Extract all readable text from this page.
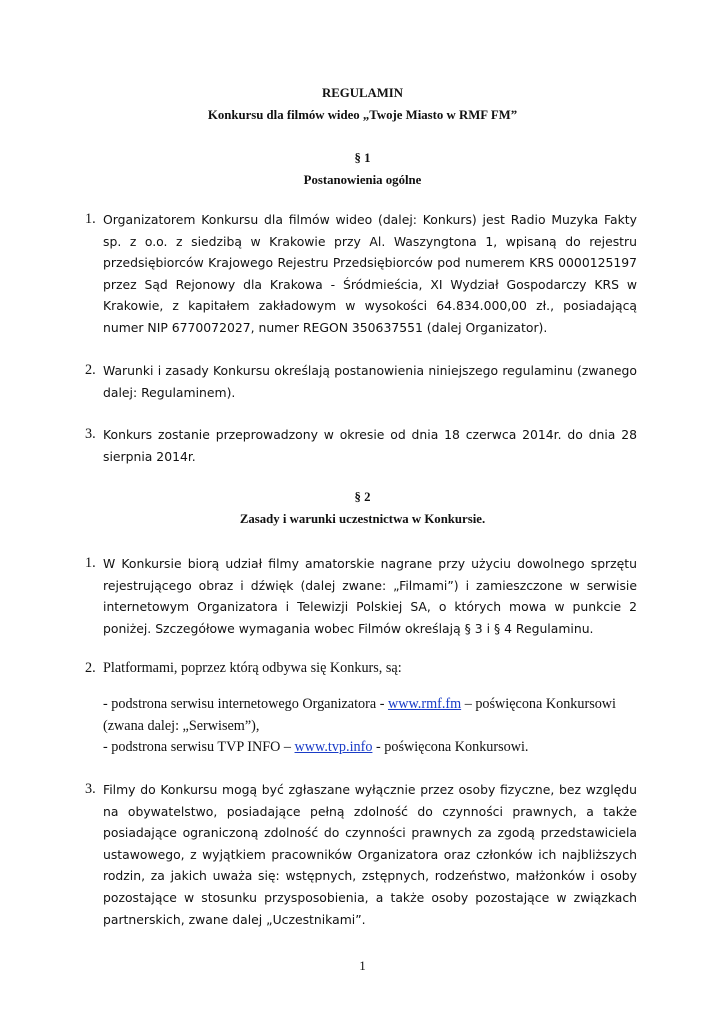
REGULAMIN
Konkursu dla filmów wideo „Twoje Miasto w RMF FM”
§ 1
Postanowienia ogólne
1. Organizatorem Konkursu dla filmów wideo (dalej: Konkurs) jest Radio Muzyka Fakty sp. z o.o. z siedzibą w Krakowie przy Al. Waszyngtona 1, wpisaną do rejestru przedsiębiorców Krajowego Rejestru Przedsiębiorców pod numerem KRS 0000125197 przez Sąd Rejonowy dla Krakowa - Śródmieścia, XI Wydział Gospodarczy KRS w Krakowie, z kapitałem zakładowym w wysokości 64.834.000,00 zł., posiadającą numer NIP 6770072027, numer REGON 350637551 (dalej Organizator).
2. Warunki i zasady Konkursu określają postanowienia niniejszego regulaminu (zwanego dalej: Regulaminem).
3. Konkurs zostanie przeprowadzony w okresie od dnia 18 czerwca 2014r. do dnia 28 sierpnia 2014r.
§ 2
Zasady i warunki uczestnictwa w Konkursie.
1. W Konkursie biorą udział filmy amatorskie nagrane przy użyciu dowolnego sprzętu rejestrującego obraz i dźwięk (dalej zwane: „Filmami”) i zamieszczone w serwisie internetowym Organizatora i Telewizji Polskiej SA, o których mowa w punkcie 2 poniżej. Szczegółowe wymagania wobec Filmów określają § 3 i § 4 Regulaminu.
2. Platformami, poprzez którą odbywa się Konkurs, są:
- podstrona serwisu internetowego Organizatora - www.rmf.fm – poświęcona Konkursowi (zwana dalej: „Serwisem”),
- podstrona serwisu TVP INFO – www.tvp.info - poświęcona Konkursowi.
3. Filmy do Konkursu mogą być zgłaszane wyłącznie przez osoby fizyczne, bez względu na obywatelstwo, posiadające pełną zdolność do czynności prawnych, a także posiadające ograniczoną zdolność do czynności prawnych za zgodą przedstawiciela ustawowego, z wyjątkiem pracowników Organizatora oraz członków ich najbliższych rodzin, za jakich uważa się: wstępnych, zstępnych, rodzeństwo, małżonków i osoby pozostające w stosunku przysposobienia, a także osoby pozostające w związkach partnerskich, zwane dalej „Uczestnikami”.
1
